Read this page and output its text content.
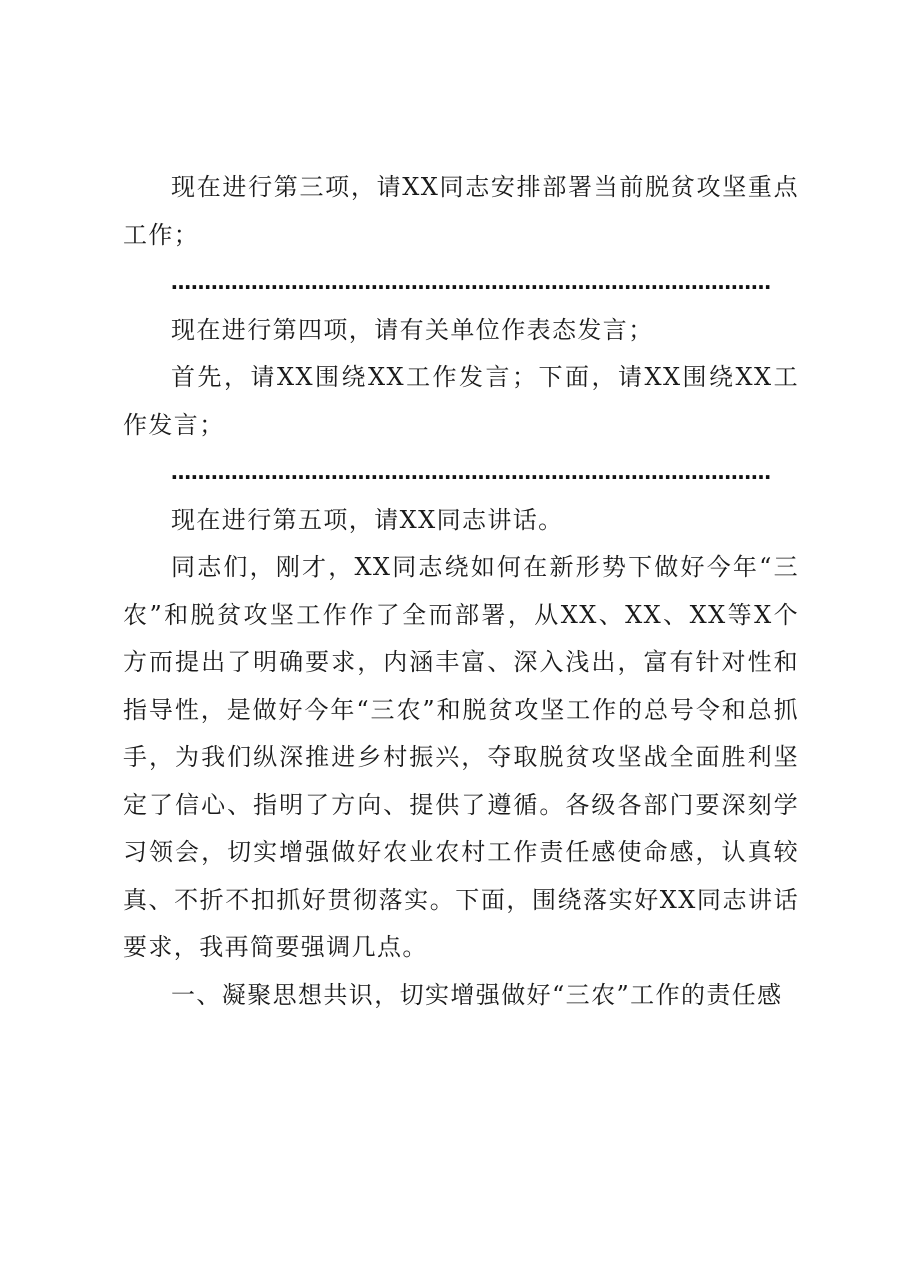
现在进行第三项，请XX同志安排部署当前脱贫攻坚重点工作；

………………………………………………………………………………

现在进行第四项，请有关单位作表态发言；

首先，请XX围绕XX工作发言；下面，请XX围绕XX工作发言；

………………………………………………………………………………

现在进行第五项，请XX同志讲话。

同志们，刚才，XX同志绕如何在新形势下做好今年“三农”和脱贫攻坚工作作了全而部署，从XX、XX、XX等X个方而提出了明确要求，内涵丰富、深入浅出，富有针对性和指导性，是做好今年“三农”和脱贫攻坚工作的总号令和总抓手，为我们纵深推进乡村振兴，夺取脱贫攻坚战全面胜利坚定了信心、指明了方向、提供了遵循。各级各部门要深刻学习领会，切实增强做好农业农村工作责任感使命感，认真较真、不折不扣抓好贯彻落实。下面，围绕落实好XX同志讲话要求，我再简要强调几点。

一、凝聚思想共识，切实增强做好“三农”工作的责任感
